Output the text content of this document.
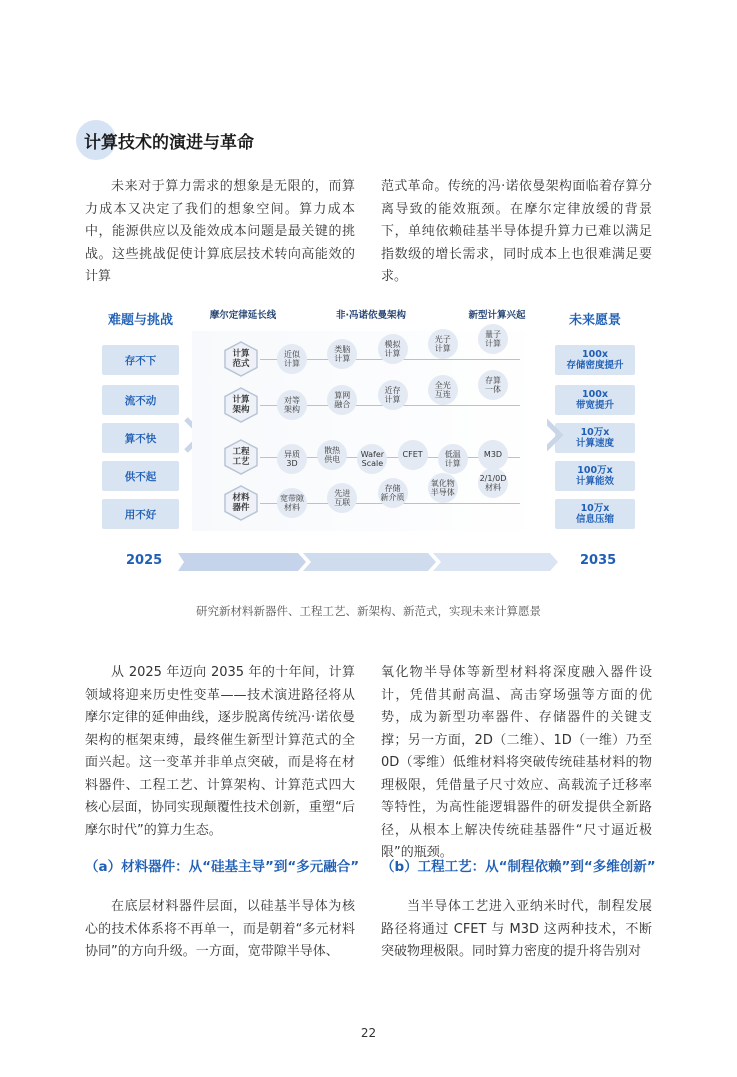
计算技术的演进与革命

未来对于算力需求的想象是无限的，而算力成本又决定了我们的想象空间。算力成本中，能源供应以及能效成本问题是最关键的挑战。这些挑战促使计算底层技术转向高能效的计算

范式革命。传统的冯·诺依曼架构面临着存算分离导致的能效瓶颈。在摩尔定律放缓的背景下，单纯依赖硅基半导体提升算力已难以满足指数级的增长需求，同时成本上也很难满足要求。

难题与挑战	未来愿景
存不下
流不动
算不快
供不起
用不好
100x
存储密度提升
100x
带宽提升
10万x
计算速度
100万x
计算能效
10万x
信息压缩
计算
范式
近似
计算
类脑
计算
模拟
计算
光子
计算
量子
计算
计算
架构
对等
架构
算网
融合
近存
计算
全光
互连
存算
一体
工程
工艺
异质
3D
散热
供电
Wafer
Scale
CFET	低温
计算
M3D
材料
器件
宽带隙
材料
先进
互联
存储
新介质
氧化物
半导体
2/1/0D
材料
2025	2035
摩尔定律延长线	非·冯诺依曼架构	新型计算兴起
研究新材料新器件、工程工艺、新架构、新范式，实现未来计算愿景

从 2025 年迈向 2035 年的十年间，计算领域将迎来历史性变革——技术演进路径将从摩尔定律的延伸曲线，逐步脱离传统冯·诺依曼架构的框架束缚，最终催生新型计算范式的全面兴起。这一变革并非单点突破，而是将在材料器件、工程工艺、计算架构、计算范式四大核心层面，协同实现颠覆性技术创新，重塑“后摩尔时代”的算力生态。

氧化物半导体等新型材料将深度融入器件设计，凭借其耐高温、高击穿场强等方面的优势，成为新型功率器件、存储器件的关键支撑；另一方面，2D（二维）、1D（一维）乃至 0D（零维）低维材料将突破传统硅基材料的物理极限，凭借量子尺寸效应、高载流子迁移率等特性，为高性能逻辑器件的研发提供全新路径，从根本上解决传统硅基器件“尺寸逼近极限”的瓶颈。

（a）材料器件：从“硅基主导”到“多元融合” （b）工程工艺：从“制程依赖”到“多维创新”

在底层材料器件层面，以硅基半导体为核心的技术体系将不再单一，而是朝着“多元材料协同”的方向升级。一方面，宽带隙半导体、

当半导体工艺进入亚纳米时代，制程发展路径将通过 CFET 与 M3D 这两种技术，不断突破物理极限。同时算力密度的提升将告别对

22
